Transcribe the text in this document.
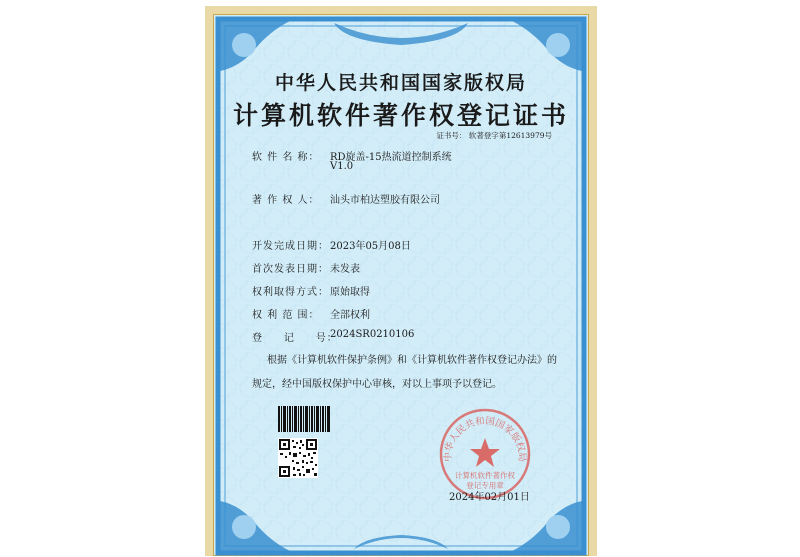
中华人民共和国国家版权局
计算机软件著作权登记证书
证书号： 软著登字第12613979号
软 件 名 称：	RD旋盖-15热流道控制系统
V1.0
著 作 权 人：	汕头市柏达塑胶有限公司
开发完成日期： 2023年05月08日
首次发表日期： 未发表
权利取得方式： 原始取得
权 利 范 围：	全部权利
登     记     号：
2024SR0210106
根据《计算机软件保护条例》和《计算机软件著作权登记办法》的
规定，经中国版权保护中心审核，对以上事项予以登记。
中华人民共和国国家版权局
计算机软件著作权
登记专用章
2024年02月01日
